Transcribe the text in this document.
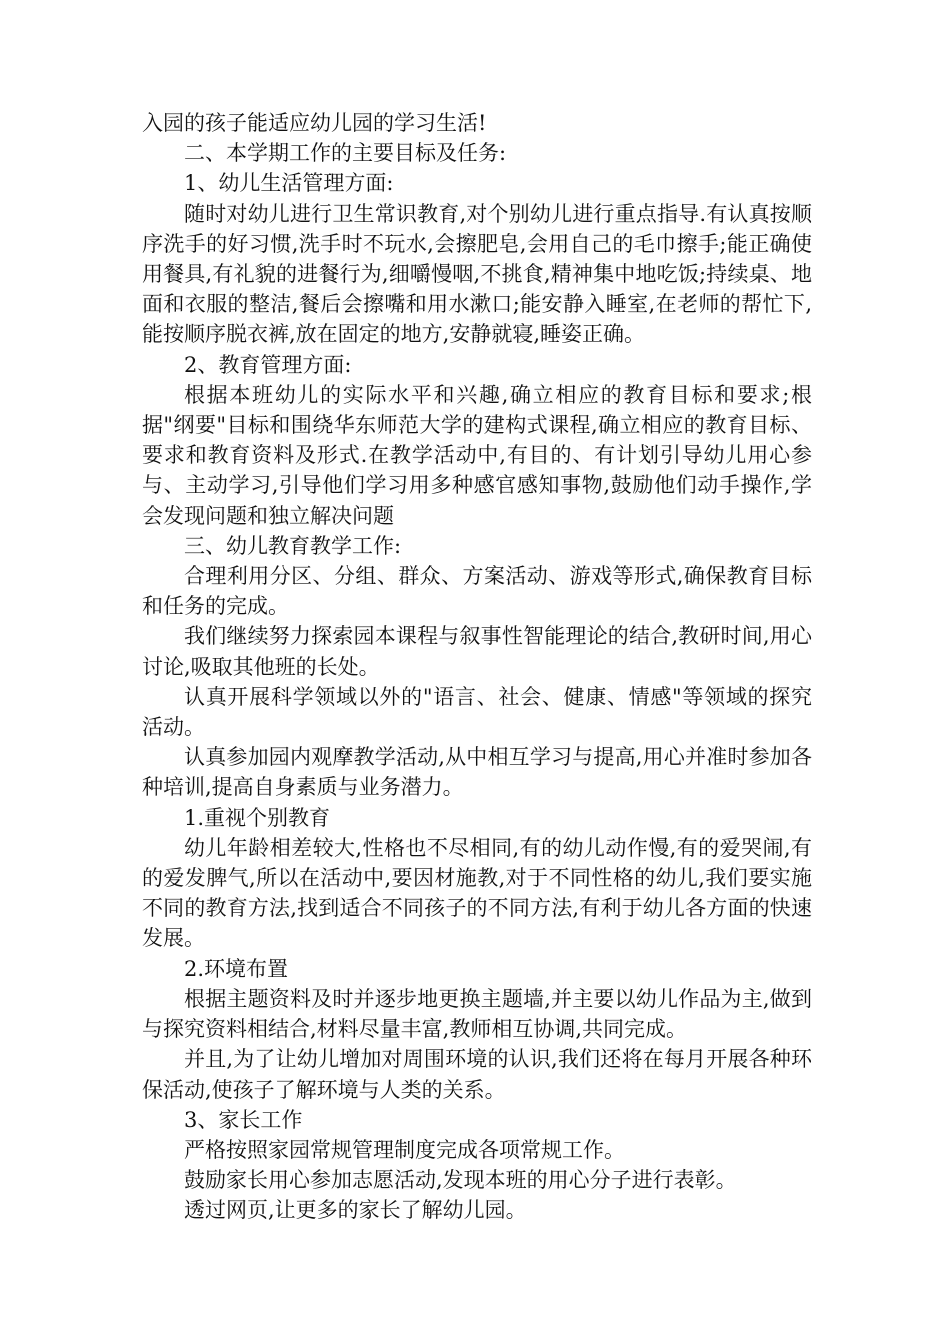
入园的孩子能适应幼儿园的学习生活!

二、本学期工作的主要目标及任务:

1、幼儿生活管理方面:

随时对幼儿进行卫生常识教育,对个别幼儿进行重点指导.有认真按顺序洗手的好习惯,洗手时不玩水,会擦肥皂,会用自己的毛巾擦手;能正确使用餐具,有礼貌的进餐行为,细嚼慢咽,不挑食,精神集中地吃饭;持续桌、地面和衣服的整洁,餐后会擦嘴和用水漱口;能安静入睡室,在老师的帮忙下,能按顺序脱衣裤,放在固定的地方,安静就寝,睡姿正确。

2、教育管理方面:

根据本班幼儿的实际水平和兴趣,确立相应的教育目标和要求;根据"纲要"目标和围绕华东师范大学的建构式课程,确立相应的教育目标、要求和教育资料及形式.在教学活动中,有目的、有计划引导幼儿用心参与、主动学习,引导他们学习用多种感官感知事物,鼓励他们动手操作,学会发现问题和独立解决问题

三、幼儿教育教学工作:

合理利用分区、分组、群众、方案活动、游戏等形式,确保教育目标和任务的完成。

我们继续努力探索园本课程与叙事性智能理论的结合,教研时间,用心讨论,吸取其他班的长处。

认真开展科学领域以外的"语言、社会、健康、情感"等领域的探究活动。

认真参加园内观摩教学活动,从中相互学习与提高,用心并准时参加各种培训,提高自身素质与业务潜力。

1.重视个别教育

幼儿年龄相差较大,性格也不尽相同,有的幼儿动作慢,有的爱哭闹,有的爱发脾气,所以在活动中,要因材施教,对于不同性格的幼儿,我们要实施不同的教育方法,找到适合不同孩子的不同方法,有利于幼儿各方面的快速发展。

2.环境布置

根据主题资料及时并逐步地更换主题墙,并主要以幼儿作品为主,做到与探究资料相结合,材料尽量丰富,教师相互协调,共同完成。

并且,为了让幼儿增加对周围环境的认识,我们还将在每月开展各种环保活动,使孩子了解环境与人类的关系。

3、家长工作

严格按照家园常规管理制度完成各项常规工作。

鼓励家长用心参加志愿活动,发现本班的用心分子进行表彰。

透过网页,让更多的家长了解幼儿园。
